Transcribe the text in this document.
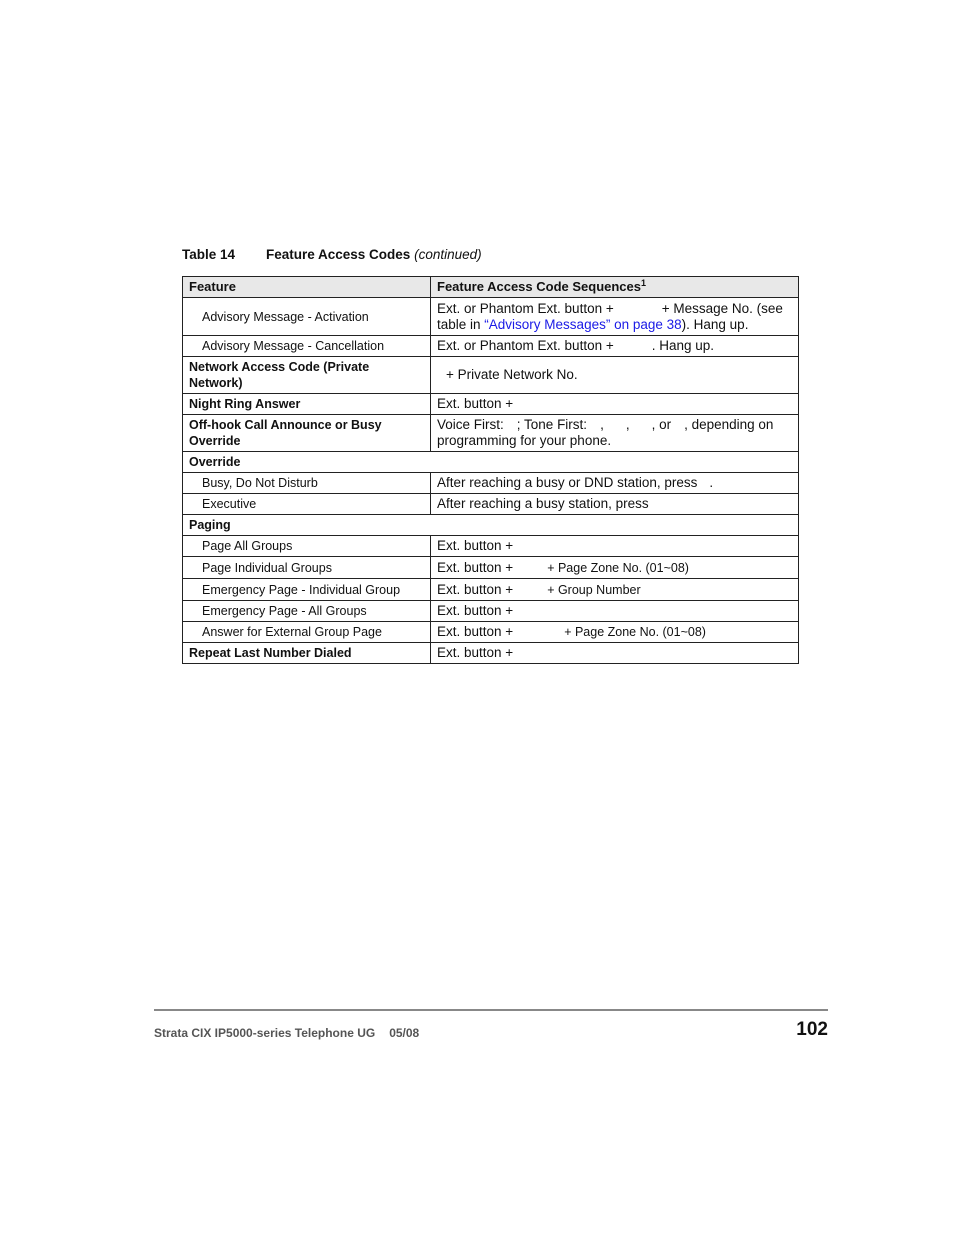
Table 14 Feature Access Codes (continued)
Feature	Feature Access Code Sequences$^1$
Advisory Message - Activation	Ext. or Phantom Ext. button + + Message No. (see table in “Advisory Messages” on page 38). Hang up.
Advisory Message - Cancellation	Ext. or Phantom Ext. button + . Hang up.
Network Access Code (Private Network)	+ Private Network No.
Night Ring Answer	Ext. button +
Off-hook Call Announce or Busy Override	Voice First: ; Tone First: , , , or , depending on programming for your phone.
Override	
Busy, Do Not Disturb	After reaching a busy or DND station, press .
Executive	After reaching a busy station, press
Paging	
Page All Groups	Ext. button +
Page Individual Groups	Ext. button + + Page Zone No. (01~08)
Emergency Page - Individual Group	Ext. button + + Group Number
Emergency Page - All Groups	Ext. button +
Answer for External Group Page	Ext. button + + Page Zone No. (01~08)
Repeat Last Number Dialed	Ext. button +
Strata CIX IP5000-series Telephone UG 05/08	102
